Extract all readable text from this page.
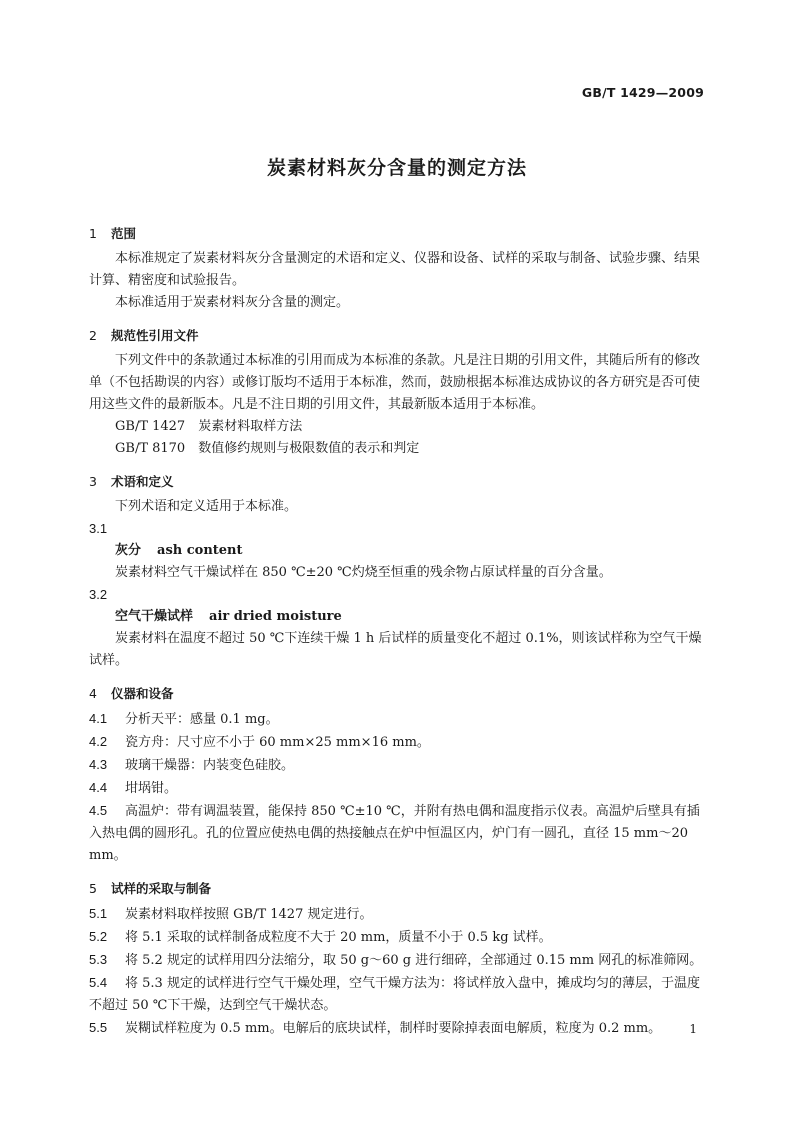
GB/T 1429—2009
炭素材料灰分含量的测定方法
1 范围

本标准规定了炭素材料灰分含量测定的术语和定义、仪器和设备、试样的采取与制备、试验步骤、结果计算、精密度和试验报告。

本标准适用于炭素材料灰分含量的测定。

2 规范性引用文件

下列文件中的条款通过本标准的引用而成为本标准的条款。凡是注日期的引用文件，其随后所有的修改单（不包括勘误的内容）或修订版均不适用于本标准，然而，鼓励根据本标准达成协议的各方研究是否可使用这些文件的最新版本。凡是不注日期的引用文件，其最新版本适用于本标准。

GB/T 1427　炭素材料取样方法

GB/T 8170　数值修约规则与极限数值的表示和判定

3 术语和定义

下列术语和定义适用于本标准。

3.1

灰分 ash content

炭素材料空气干燥试样在 850 ℃±20 ℃灼烧至恒重的残余物占原试样量的百分含量。

3.2

空气干燥试样 air dried moisture

炭素材料在温度不超过 50 ℃下连续干燥 1 h 后试样的质量变化不超过 0.1%，则该试样称为空气干燥试样。

4 仪器和设备

4.1 分析天平：感量 0.1 mg。

4.2 瓷方舟：尺寸应不小于 60 mm×25 mm×16 mm。

4.3 玻璃干燥器：内装变色硅胶。

4.4 坩埚钳。

4.5 高温炉：带有调温装置，能保持 850 ℃±10 ℃，并附有热电偶和温度指示仪表。高温炉后壁具有插入热电偶的圆形孔。孔的位置应使热电偶的热接触点在炉中恒温区内，炉门有一圆孔，直径 15 mm～20 mm。

5 试样的采取与制备

5.1 炭素材料取样按照 GB/T 1427 规定进行。

5.2 将 5.1 采取的试样制备成粒度不大于 20 mm，质量不小于 0.5 kg 试样。

5.3 将 5.2 规定的试样用四分法缩分，取 50 g～60 g 进行细碎，全部通过 0.15 mm 网孔的标准筛网。

5.4 将 5.3 规定的试样进行空气干燥处理，空气干燥方法为：将试样放入盘中，摊成均匀的薄层，于温度不超过 50 ℃下干燥，达到空气干燥状态。

5.5 炭糊试样粒度为 0.5 mm。电解后的底块试样，制样时要除掉表面电解质，粒度为 0.2 mm。	1
